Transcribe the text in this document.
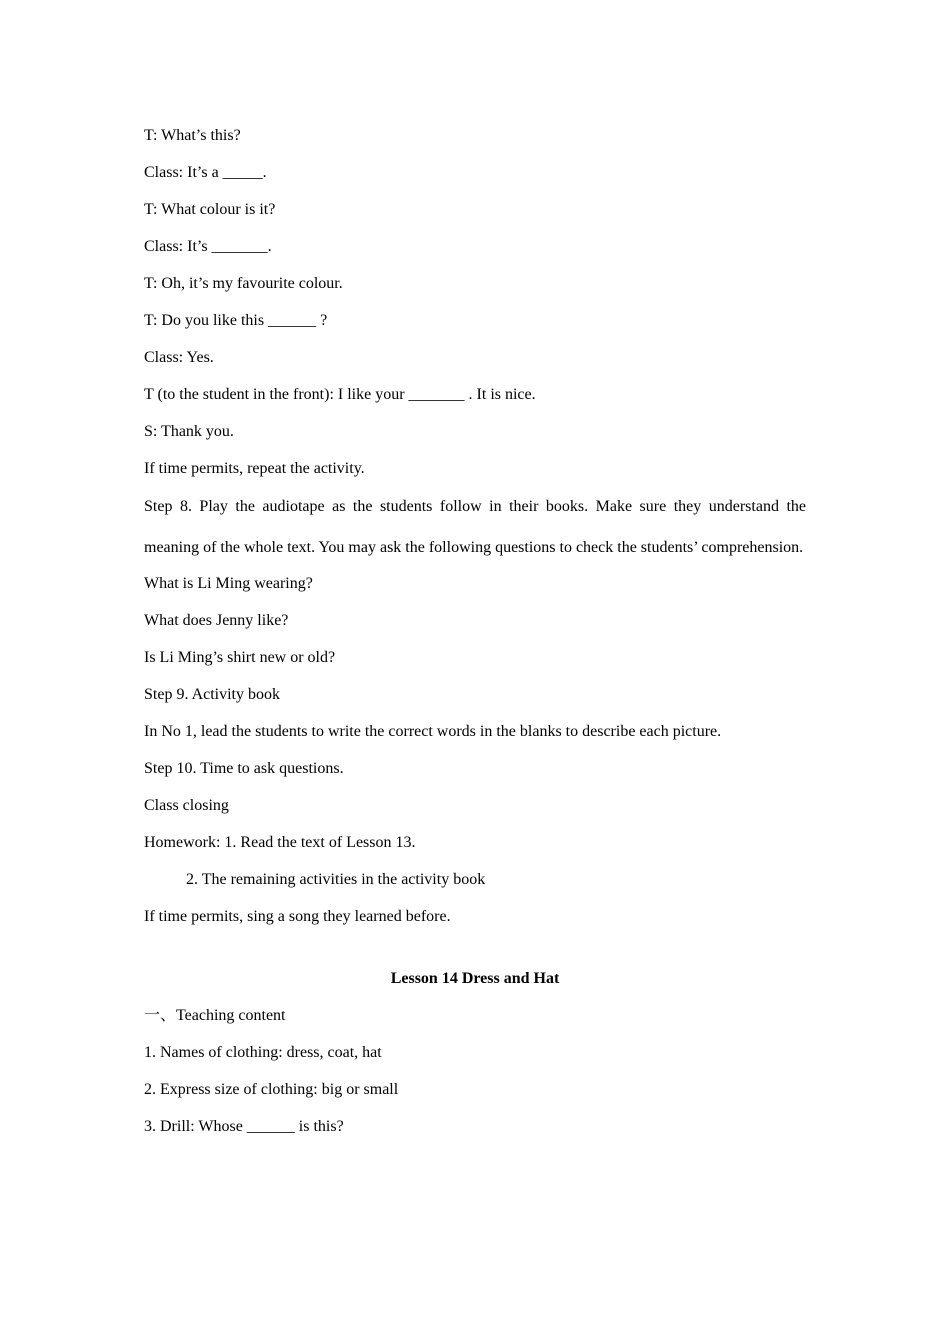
T: What’s this?
Class: It’s a _____.
T: What colour is it?
Class: It’s _______.
T: Oh, it’s my favourite colour.
T: Do you like this ______ ?
Class: Yes.
T (to the student in the front): I like your _______ . It is nice.
S: Thank you.
If time permits, repeat the activity.
Step 8. Play the audiotape as the students follow in their books. Make sure they understand the meaning of the whole text. You may ask the following questions to check the students’ comprehension.
What is Li Ming wearing?
What does Jenny like?
Is Li Ming’s shirt new or old?
Step 9. Activity book
In No 1, lead the students to write the correct words in the blanks to describe each picture.
Step 10. Time to ask questions.
Class closing
Homework: 1. Read the text of Lesson 13.
2. The remaining activities in the activity book
If time permits, sing a song they learned before.
Lesson 14 Dress and Hat
一、Teaching content
1. Names of clothing: dress, coat, hat
2. Express size of clothing: big or small
3. Drill: Whose ______ is this?
